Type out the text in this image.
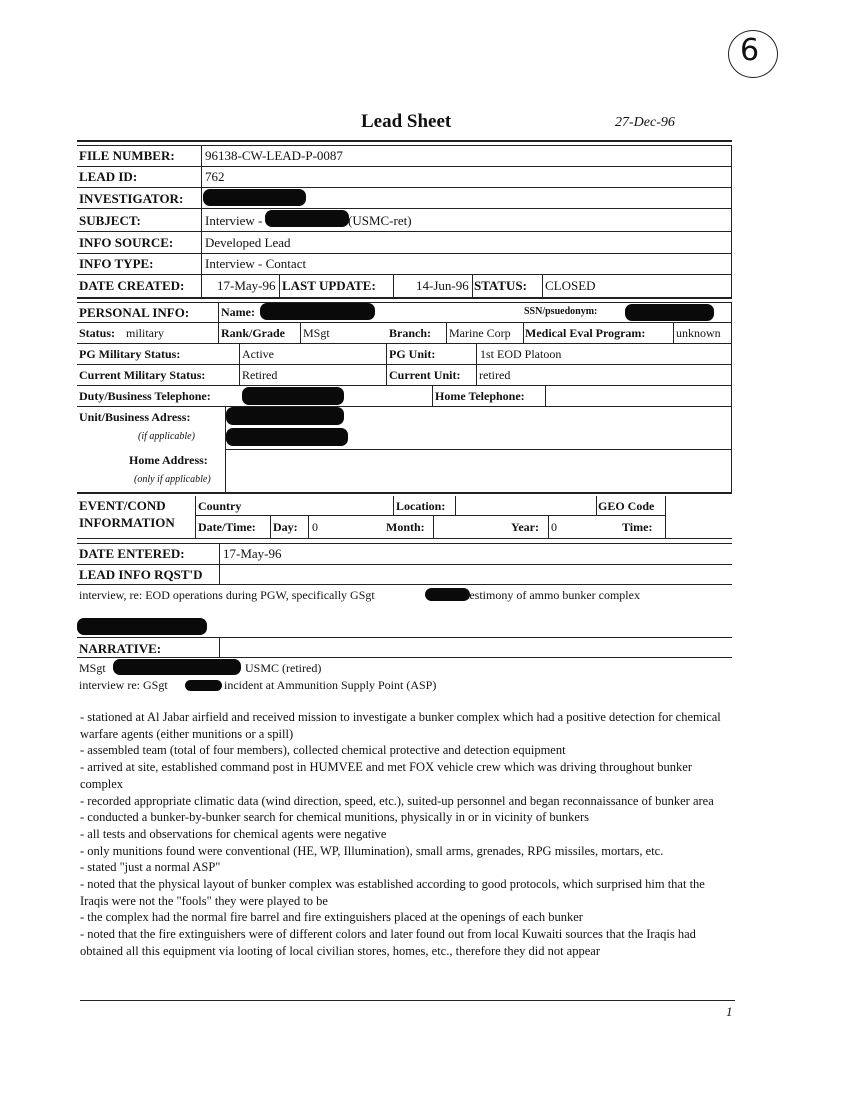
6
Lead Sheet	27-Dec-96
FILE NUMBER: 96138-CW-LEAD-P-0087
LEAD ID:	762
INVESTIGATOR:
SUBJECT:	Interview -	(USMC-ret)
INFO SOURCE: Developed Lead
INFO TYPE:	Interview - Contact
DATE CREATED:	17-May-96 LAST UPDATE:	14-Jun-96 STATUS: CLOSED
PERSONAL INFO:	Name:	SSN/psuedonym:
Status: military	Rank/Grade MSgt	Branch: Marine Corp Medical Eval Program:	unknown
PG Military Status:	Active	PG Unit:	1st EOD Platoon
Current Military Status:	Retired	Current Unit: retired
Duty/Business Telephone:	Home Telephone:
Unit/Business Adress:
(if applicable)
Home Address:
(only if applicable)
EVENT/COND
INFORMATION
Country	Location:	GEO Code
Date/Time: Day: 0	Month:	Year: 0	Time:
DATE ENTERED:	17-May-96
LEAD INFO RQST'D
interview, re: EOD operations during PGW, specifically GSgt	testimony of ammo bunker complex
NARRATIVE:
MSgt	USMC (retired)
interview re: GSgt	incident at Ammunition Supply Point (ASP)
- stationed at Al Jabar airfield and received mission to investigate a bunker complex which had a positive detection for chemical warfare agents (either munitions or a spill)
- assembled team (total of four members), collected chemical protective and detection equipment
- arrived at site, established command post in HUMVEE and met FOX vehicle crew which was driving throughout bunker complex
- recorded appropriate climatic data (wind direction, speed, etc.), suited-up personnel and began reconnaissance of bunker area
- conducted a bunker-by-bunker search for chemical munitions, physically in or in vicinity of bunkers
- all tests and observations for chemical agents were negative
- only munitions found were conventional (HE, WP, Illumination), small arms, grenades, RPG missiles, mortars, etc.
- stated "just a normal ASP"
- noted that the physical layout of bunker complex was established according to good protocols, which surprised him that the Iraqis were not the "fools" they were played to be
- the complex had the normal fire barrel and fire extinguishers placed at the openings of each bunker
- noted that the fire extinguishers were of different colors and later found out from local Kuwaiti sources that the Iraqis had obtained all this equipment via looting of local civilian stores, homes, etc., therefore they did not appear
1
